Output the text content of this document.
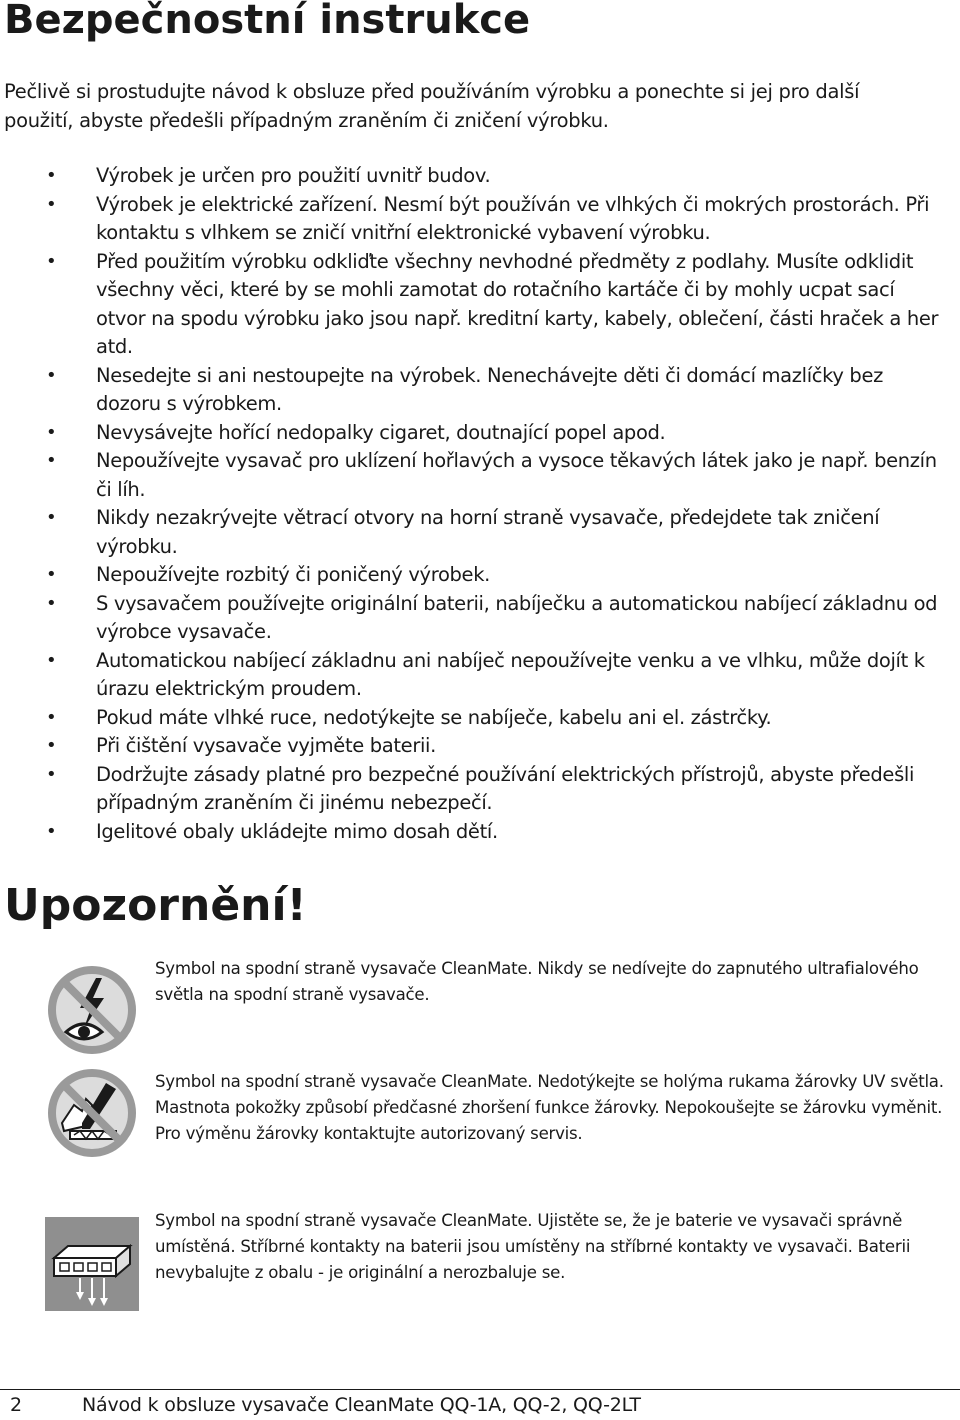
Bezpečnostní instrukce

Pečlivě si prostudujte návod k obsluze před používáním výrobku a ponechte si jej pro další použití, abyste předešli případným zraněním či zničení výrobku.

• Výrobek je určen pro použití uvnitř budov.
• Výrobek je elektrické zařízení. Nesmí být používán ve vlhkých či mokrých prostorách. Při kontaktu s vlhkem se zničí vnitřní elektronické vybavení výrobku.
• Před použitím výrobku odkliďte všechny nevhodné předměty z podlahy. Musíte odklidit všechny věci, které by se mohli zamotat do rotačního kartáče či by mohly ucpat sací otvor na spodu výrobku jako jsou např. kreditní karty, kabely, oblečení, části hraček a her atd.
• Nesedejte si ani nestoupejte na výrobek. Nenechávejte děti či domácí mazlíčky bez dozoru s výrobkem.
• Nevysávejte hořící nedopalky cigaret, doutnající popel apod.
• Nepoužívejte vysavač pro uklízení hořlavých a vysoce těkavých látek jako je např. benzín či líh.
• Nikdy nezakrývejte větrací otvory na horní straně vysavače, předejdete tak zničení výrobku.
• Nepoužívejte rozbitý či poničený výrobek.
• S vysavačem používejte originální baterii, nabíječku a automatickou nabíjecí základnu od výrobce vysavače.
• Automatickou nabíjecí základnu ani nabíječ nepoužívejte venku a ve vlhku, může dojít k úrazu elektrickým proudem.
• Pokud máte vlhké ruce, nedotýkejte se nabíječe, kabelu ani el. zástrčky.
• Při čištění vysavače vyjměte baterii.
• Dodržujte zásady platné pro bezpečné používání elektrických přístrojů, abyste předešli případným zraněním či jinému nebezpečí.
• Igelitové obaly ukládejte mimo dosah dětí.
Upozornění!

Symbol na spodní straně vysavače CleanMate. Nikdy se nedívejte do zapnutého ultrafialového světla na spodní straně vysavače.

Symbol na spodní straně vysavače CleanMate. Nedotýkejte se holýma rukama žárovky UV světla. Mastnota pokožky způsobí předčasné zhoršení funkce žárovky. Nepokoušejte se žárovku vyměnit. Pro výměnu žárovky kontaktujte autorizovaný servis.

Symbol na spodní straně vysavače CleanMate. Ujistěte se, že je baterie ve vysavači správně umístěná. Stříbrné kontakty na baterii jsou umístěny na stříbrné kontakty ve vysavači. Baterii nevybalujte z obalu - je originální a nerozbaluje se.

2	Návod k obsluze vysavače CleanMate QQ-1A, QQ-2, QQ-2LT
